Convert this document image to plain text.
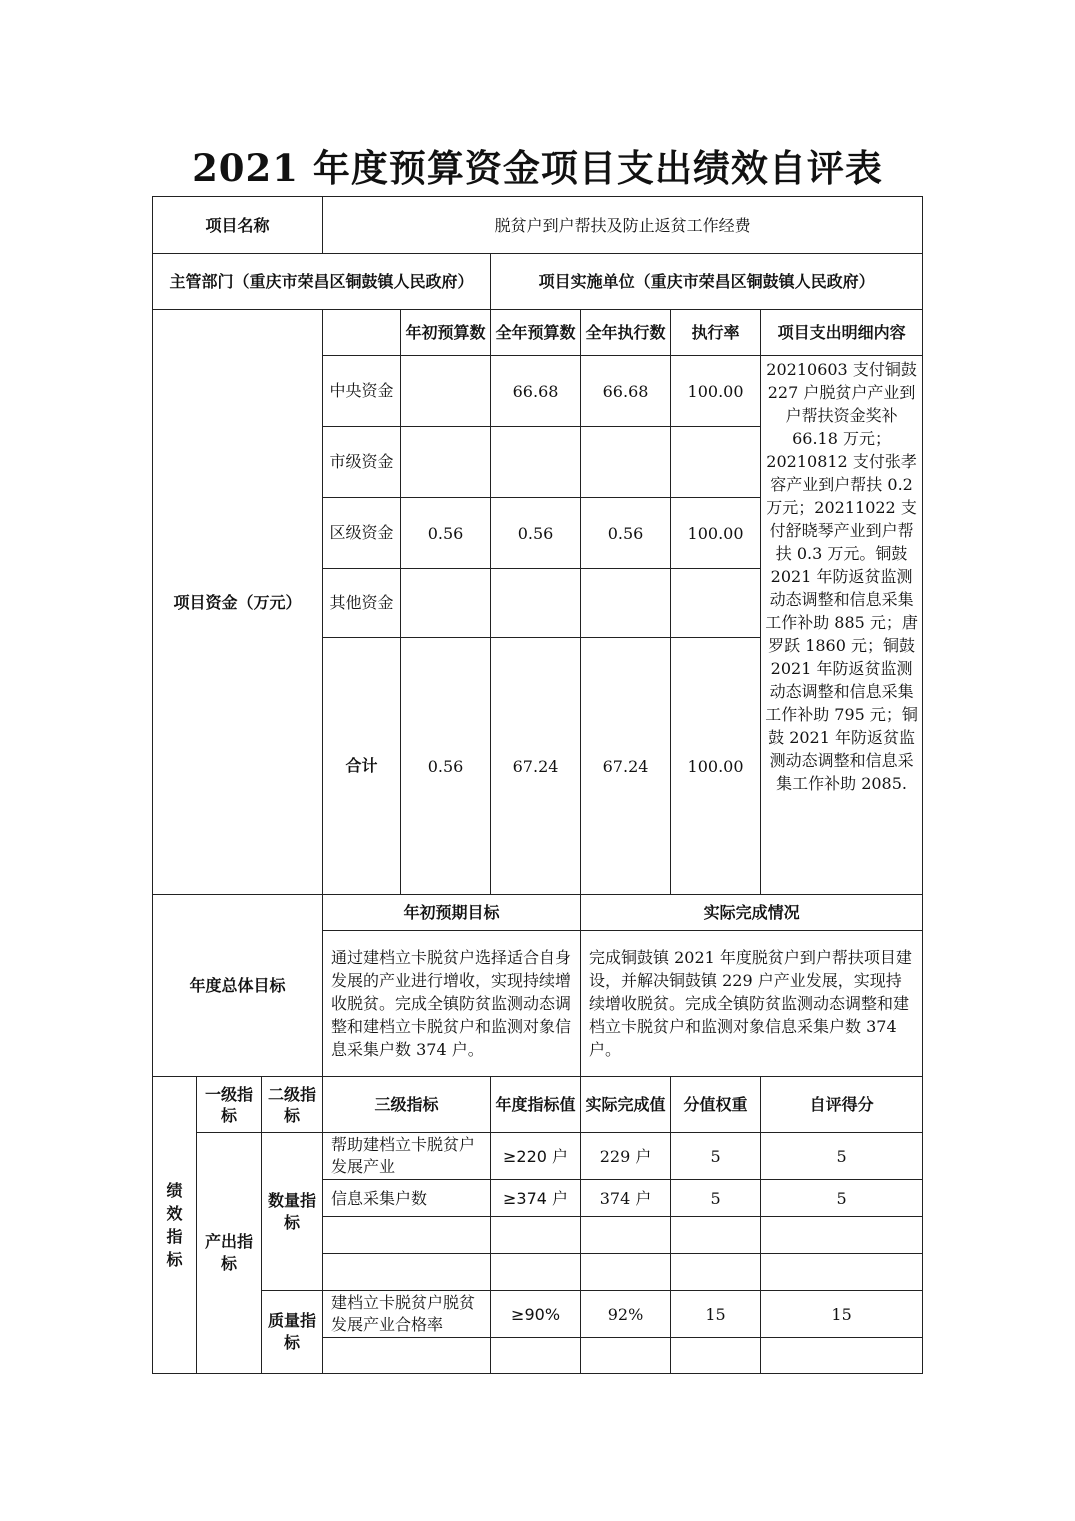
2021 年度预算资金项目支出绩效自评表
项目名称			脱贫户到户帮扶及防止返贫工作经费					
主管部门（重庆市荣昌区铜鼓镇人民政府）					项目实施单位（重庆市荣昌区铜鼓镇人民政府）			
项目资金（万元）				年初预算数	全年预算数	全年执行数	执行率	项目支出明细内容
			中央资金		66.68	66.68	100.00	20210603 支付铜鼓 227 户脱贫户产业到户帮扶资金奖补 66.18 万元；20210812 支付张孝容产业到户帮扶 0.2 万元；20211022 支付舒晓琴产业到户帮扶 0.3 万元。铜鼓 2021 年防返贫监测动态调整和信息采集工作补助 885 元；唐罗跃 1860 元；铜鼓 2021 年防返贫监测动态调整和信息采集工作补助 795 元；铜鼓 2021 年防返贫监测动态调整和信息采集工作补助 2085.
			市级资金					
			区级资金	0.56	0.56	0.56	100.00	
			其他资金					
			合计	0.56	67.24	67.24	100.00	
年度总体目标			年初预期目标			实际完成情况		
			通过建档立卡脱贫户选择适合自身发展的产业进行增收，实现持续增收脱贫。完成全镇防贫监测动态调整和建档立卡脱贫户和监测对象信息采集户数 374 户。			完成铜鼓镇 2021 年度脱贫户到户帮扶项目建设，并解决铜鼓镇 229 户产业发展，实现持续增收脱贫。完成全镇防贫监测动态调整和建档立卡脱贫户和监测对象信息采集户数 374 户。		

绩效指标	一级指标	二级指标	三级指标		年度指标值	实际完成值	分值权重	自评得分
	产出指标	数量指标	帮助建档立卡脱贫户发展产业		≥220 户	229 户	5	5
			信息采集户数		≥374 户	374 户	5	5

		质量指标	建档立卡脱贫户脱贫发展产业合格率		≥90%	92%	15	15
